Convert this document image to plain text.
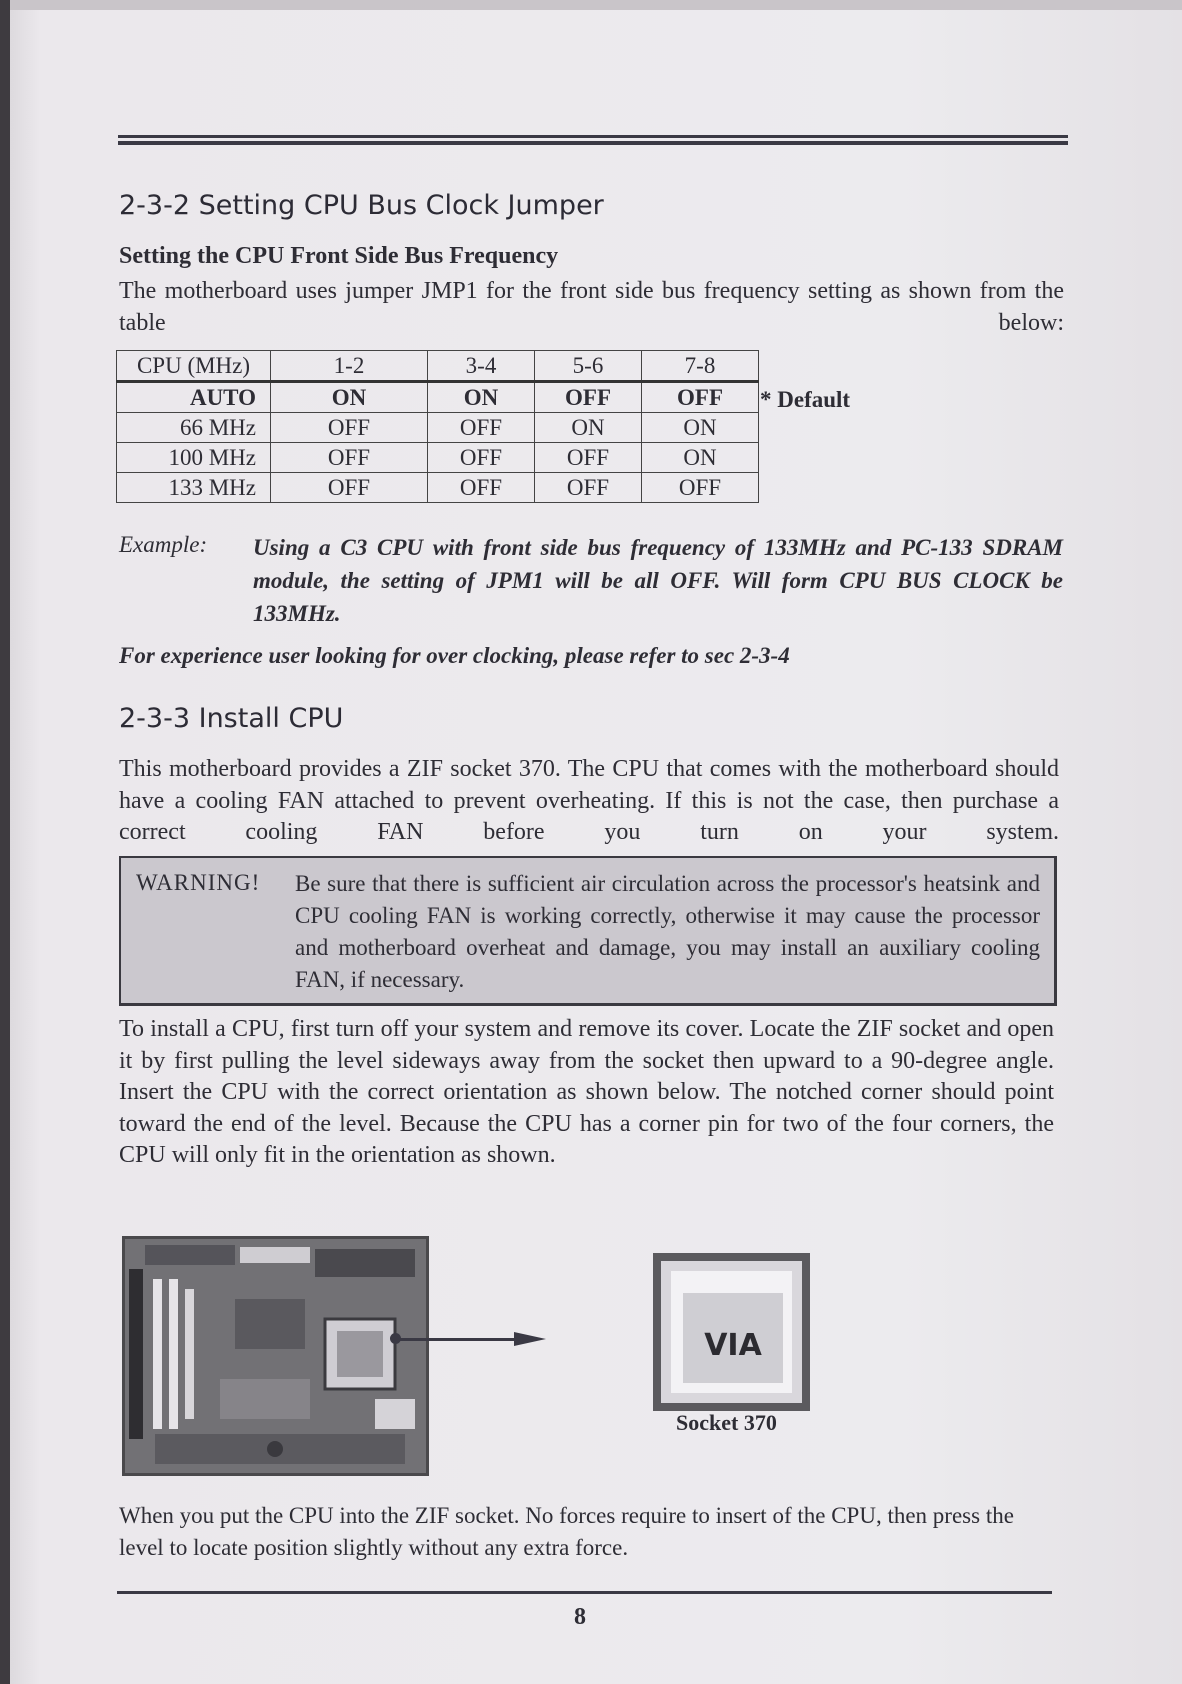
2-3-2 Setting CPU Bus Clock Jumper
Setting the CPU Front Side Bus Frequency
The motherboard uses jumper JMP1 for the front side bus frequency setting as shown from the table below:
CPU (MHz)	1-2	3-4	5-6	7-8
AUTO	ON	ON	OFF	OFF
66 MHz	OFF	OFF	ON	ON
100 MHz	OFF	OFF	OFF	ON
133 MHz	OFF	OFF	OFF	OFF
* Default
Example: Using a C3 CPU with front side bus frequency of 133MHz and PC-133 SDRAM module, the setting of JPM1 will be all OFF. Will form CPU BUS CLOCK be 133MHz.
For experience user looking for over clocking, please refer to sec 2-3-4
2-3-3 Install CPU
This motherboard provides a ZIF socket 370. The CPU that comes with the motherboard should have a cooling FAN attached to prevent overheating. If this is not the case, then purchase a correct cooling FAN before you turn on your system.
WARNING! Be sure that there is sufficient air circulation across the processor's heatsink and CPU cooling FAN is working correctly, otherwise it may cause the processor and motherboard overheat and damage, you may install an auxiliary cooling FAN, if necessary.
To install a CPU, first turn off your system and remove its cover. Locate the ZIF socket and open it by first pulling the level sideways away from the socket then upward to a 90-degree angle. Insert the CPU with the correct orientation as shown below. The notched corner should point toward the end of the level. Because the CPU has a corner pin for two of the four corners, the CPU will only fit in the orientation as shown.
VIA
Socket 370
When you put the CPU into the ZIF socket. No forces require to insert of the CPU, then press the level to locate position slightly without any extra force.
8
